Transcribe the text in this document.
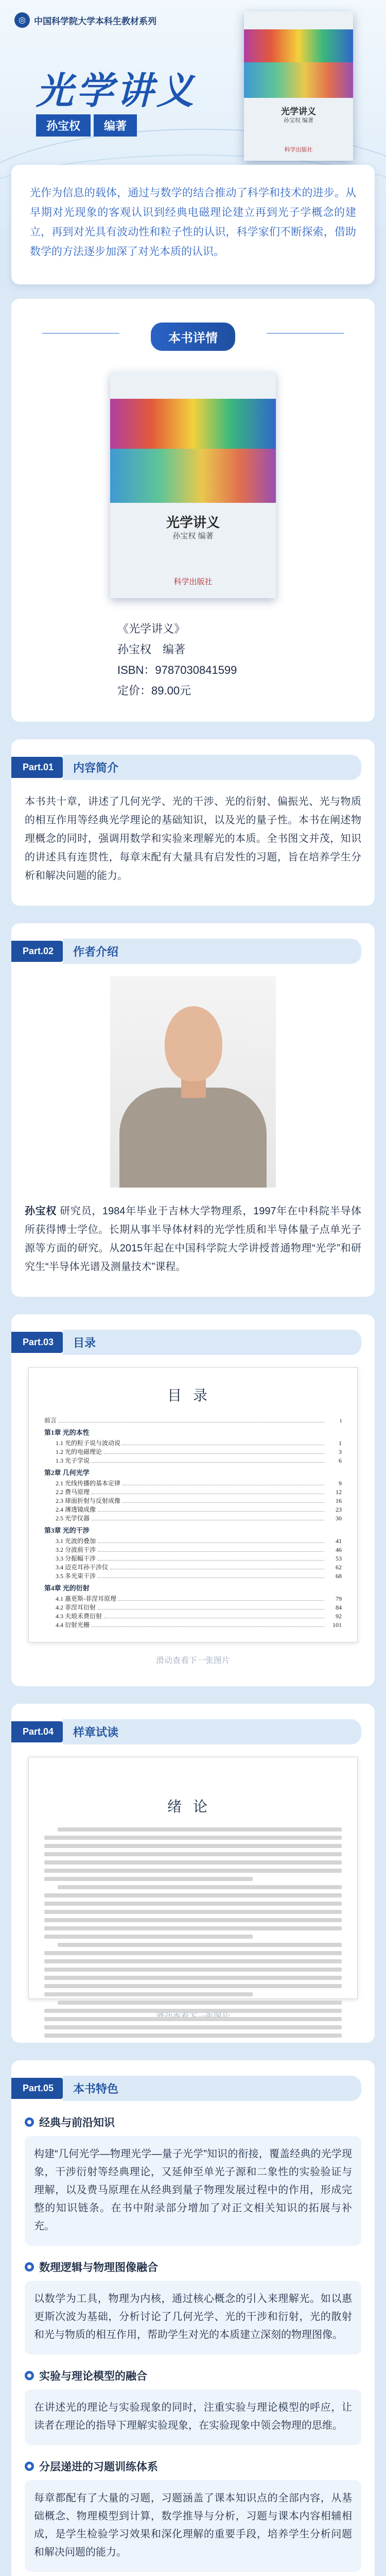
◎ 中国科学院大学本科生教材系列
光学讲义
孙宝权	编著
光学讲义
孙宝权 编著
科学出版社

光作为信息的载体，通过与数学的结合推动了科学和技术的进步。从早期对光现象的客观认识到经典电磁理论建立再到光子学概念的建立，再到对光具有波动性和粒子性的认识，科学家们不断探索，借助数学的方法逐步加深了对光本质的认识。

本书详情
光学讲义
孙宝权 编著
科学出版社

《光学讲义》

孙宝权　编著

ISBN：9787030841599

定价：89.00元

Part.01	内容简介

本书共十章，讲述了几何光学、光的干涉、光的衍射、偏振光、光与物质的相互作用等经典光学理论的基础知识，以及光的量子性。本书在阐述物理概念的同时，强调用数学和实验来理解光的本质。全书图文并茂，知识的讲述具有连贯性，每章末配有大量具有启发性的习题，旨在培养学生分析和解决问题的能力。

Part.02	作者介绍

孙宝权 研究员，1984年毕业于吉林大学物理系，1997年在中科院半导体所获得博士学位。长期从事半导体材料的光学性质和半导体量子点单光子源等方面的研究。从2015年起在中国科学院大学讲授普通物理“光学”和研究生“半导体光谱及测量技术”课程。

Part.03	目录
目录
前言	i
第1章 光的本性
1.1 光的粒子说与波动说	1
1.2 光的电磁理论	3
1.3 光子学说	6
第2章 几何光学
2.1 光线传播的基本定律	9
2.2 费马原理	12
2.3 球面折射与反射成像	16
2.4 薄透镜成像	23
2.5 光学仪器	30
第3章 光的干涉
3.1 光波的叠加	41
3.2 分波前干涉	46
3.3 分振幅干涉	53
3.4 迈克耳孙干涉仪	62
3.5 多光束干涉	68
第4章 光的衍射
4.1 惠更斯-菲涅耳原理	79
4.2 菲涅耳衍射	84
4.3 夫琅禾费衍射	92
4.4 衍射光栅	101
滑动查看下一张图片
Part.04	样章试读
绪论
Part.05	本书特色
经典与前沿知识

构建“几何光学—物理光学—量子光学”知识的衔接，覆盖经典的光学现象，干涉衍射等经典理论，又延伸至单光子源和二象性的实验验证与理解，以及费马原理在从经典到量子物理发展过程中的作用，形成完整的知识链条。在书中附录部分增加了对正文相关知识的拓展与补充。

数理逻辑与物理图像融合

以数学为工具，物理为内核，通过核心概念的引入来理解光。如以惠更斯次波为基础，分析讨论了几何光学、光的干涉和衍射，光的散射和光与物质的相互作用，帮助学生对光的本质建立深刻的物理图像。

实验与理论模型的融合

在讲述光的理论与实验现象的同时，注重实验与理论模型的呼应，让读者在理论的指导下理解实验现象，在实验现象中领会物理的思维。

分层递进的习题训练体系

每章都配有了大量的习题，习题涵盖了课本知识点的全部内容，从基础概念、物理模型到计算，数学推导与分析，习题与课本内容相辅相成，是学生检验学习效果和深化理解的重要手段，培养学生分析问题和解决问题的能力。
